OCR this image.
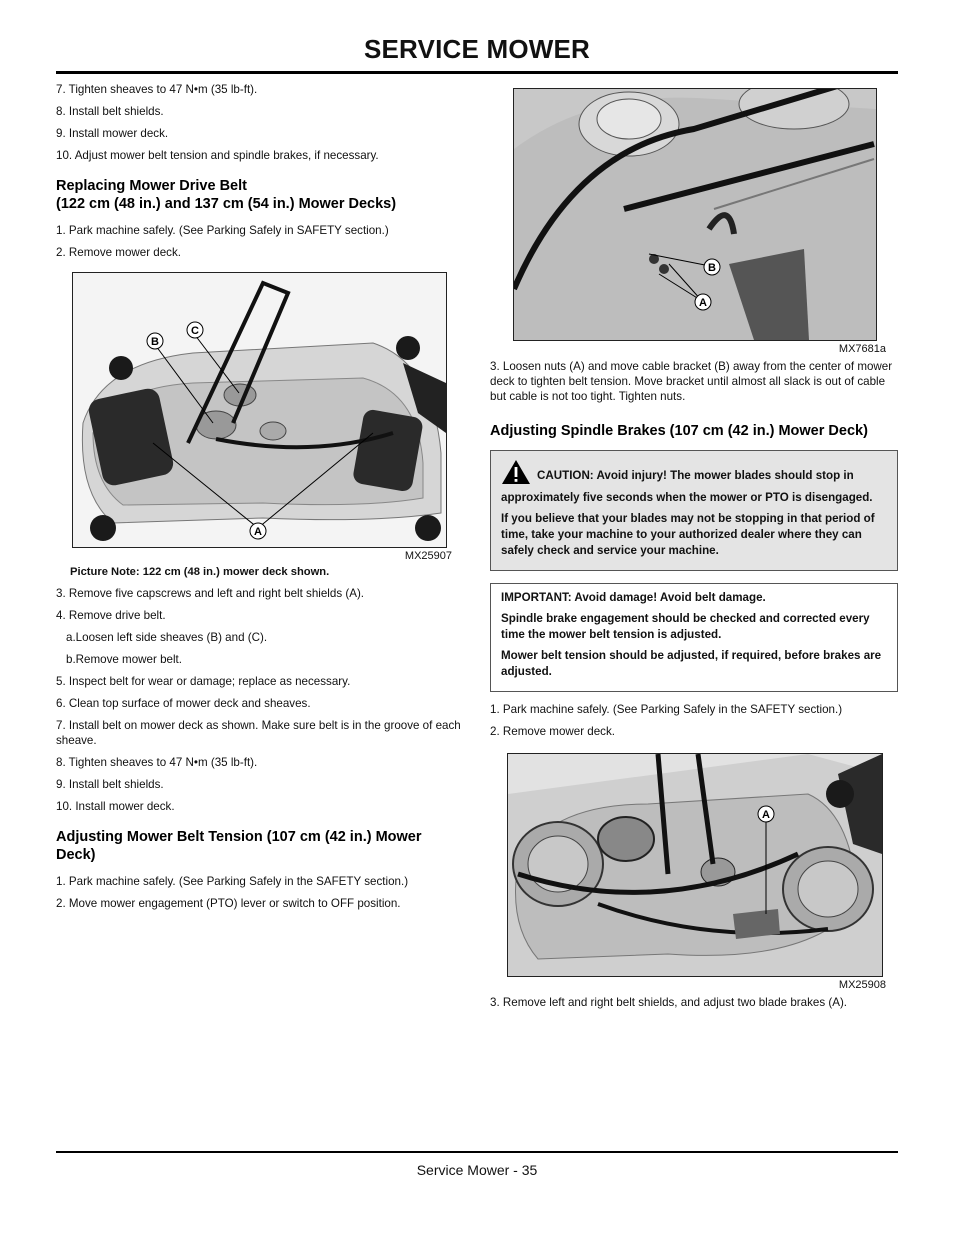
SERVICE MOWER

7. Tighten sheaves to 47 N•m (35 lb-ft).

8. Install belt shields.

9. Install mower deck.

10. Adjust mower belt tension and spindle brakes, if necessary.

Replacing Mower Drive Belt
(122 cm (48 in.) and 137 cm (54 in.) Mower Decks)

1. Park machine safely. (See Parking Safely in SAFETY section.)

2. Remove mower deck.

B
C
A
MX25907

Picture Note: 122 cm (48 in.) mower deck shown.

3. Remove five capscrews and left and right belt shields (A).

4. Remove drive belt.

a.Loosen left side sheaves (B) and (C).

b.Remove mower belt.

5. Inspect belt for wear or damage; replace as necessary.

6. Clean top surface of mower deck and sheaves.

7. Install belt on mower deck as shown. Make sure belt is in the groove of each sheave.

8. Tighten sheaves to 47 N•m (35 lb-ft).

9. Install belt shields.

10. Install mower deck.

Adjusting Mower Belt Tension (107 cm (42 in.) Mower Deck)

1. Park machine safely. (See Parking Safely in the SAFETY section.)

2. Move mower engagement (PTO) lever or switch to OFF position.

B
A
MX7681a

3. Loosen nuts (A) and move cable bracket (B) away from the center of mower deck to tighten belt tension. Move bracket until almost all slack is out of cable but cable is not too tight. Tighten nuts.

Adjusting Spindle Brakes (107 cm (42 in.) Mower Deck)

CAUTION: Avoid injury! The mower blades should stop in approximately five seconds when the mower or PTO is disengaged.

If you believe that your blades may not be stopping in that period of time, take your machine to your authorized dealer where they can safely check and service your machine.

IMPORTANT: Avoid damage! Avoid belt damage.

Spindle brake engagement should be checked and corrected every time the mower belt tension is adjusted.

Mower belt tension should be adjusted, if required, before brakes are adjusted.

1. Park machine safely. (See Parking Safely in the SAFETY section.)

2. Remove mower deck.

A
MX25908

3. Remove left and right belt shields, and adjust two blade brakes (A).

Service Mower - 35
